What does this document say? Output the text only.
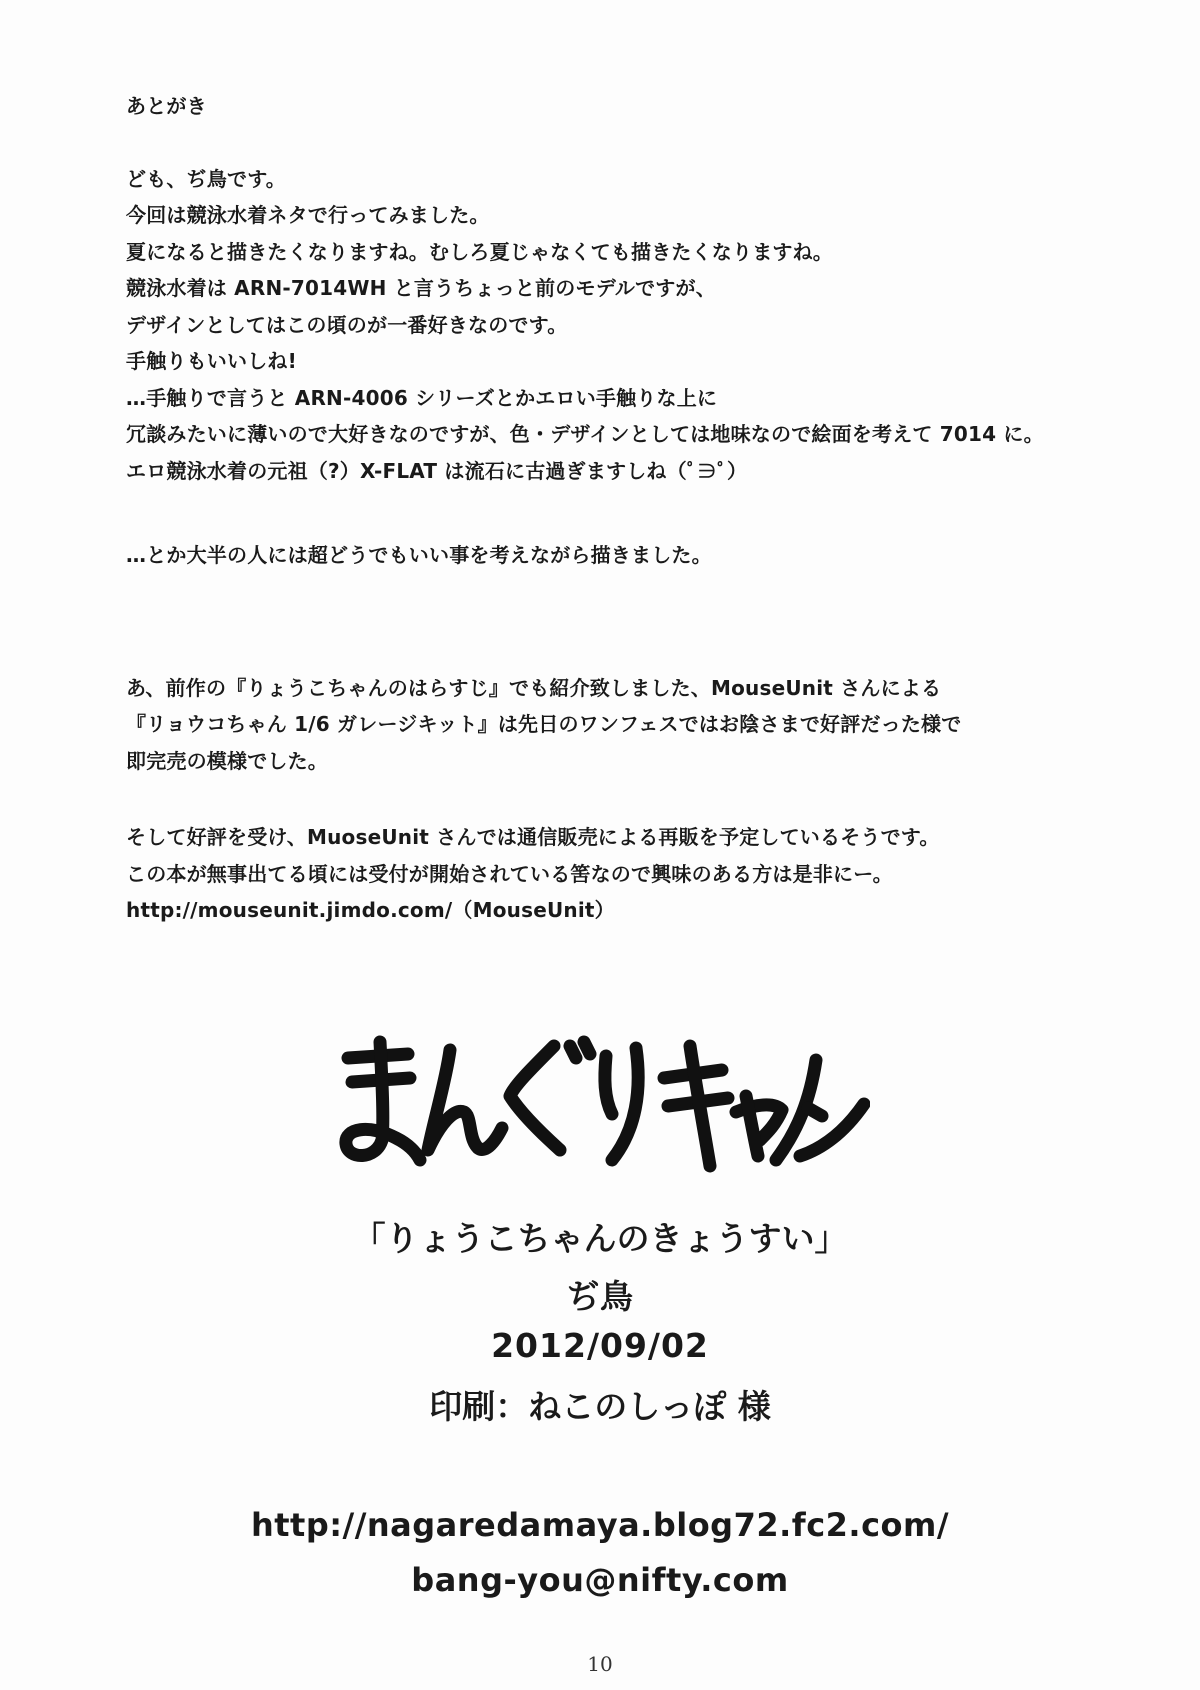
あとがき
ども、ぢ鳥です。
今回は競泳水着ネタで行ってみました。
夏になると描きたくなりますね。むしろ夏じゃなくても描きたくなりますね。
競泳水着は ARN-7014WH と言うちょっと前のモデルですが、
デザインとしてはこの頃のが一番好きなのです。
手触りもいいしね!
…手触りで言うと ARN-4006 シリーズとかエロい手触りな上に
冗談みたいに薄いので大好きなのですが、色・デザインとしては地味なので絵面を考えて 7014 に。
エロ競泳水着の元祖（?）X-FLAT は流石に古過ぎますしね（ﾟ∋ﾟ）
…とか大半の人には超どうでもいい事を考えながら描きました。
あ、前作の『りょうこちゃんのはらすじ』でも紹介致しました、MouseUnit さんによる
『リョウコちゃん 1/6 ガレージキット』は先日のワンフェスではお陰さまで好評だった様で
即完売の模様でした。
そして好評を受け、MuoseUnit さんでは通信販売による再販を予定しているそうです。
この本が無事出てる頃には受付が開始されている筈なので興味のある方は是非にー。
http://mouseunit.jimdo.com/（MouseUnit）
「りょうこちゃんのきょうすい」
ぢ鳥
2012/09/02
印刷：ねこのしっぽ 様
http://nagaredamaya.blog72.fc2.com/
bang-you@nifty.com
10
